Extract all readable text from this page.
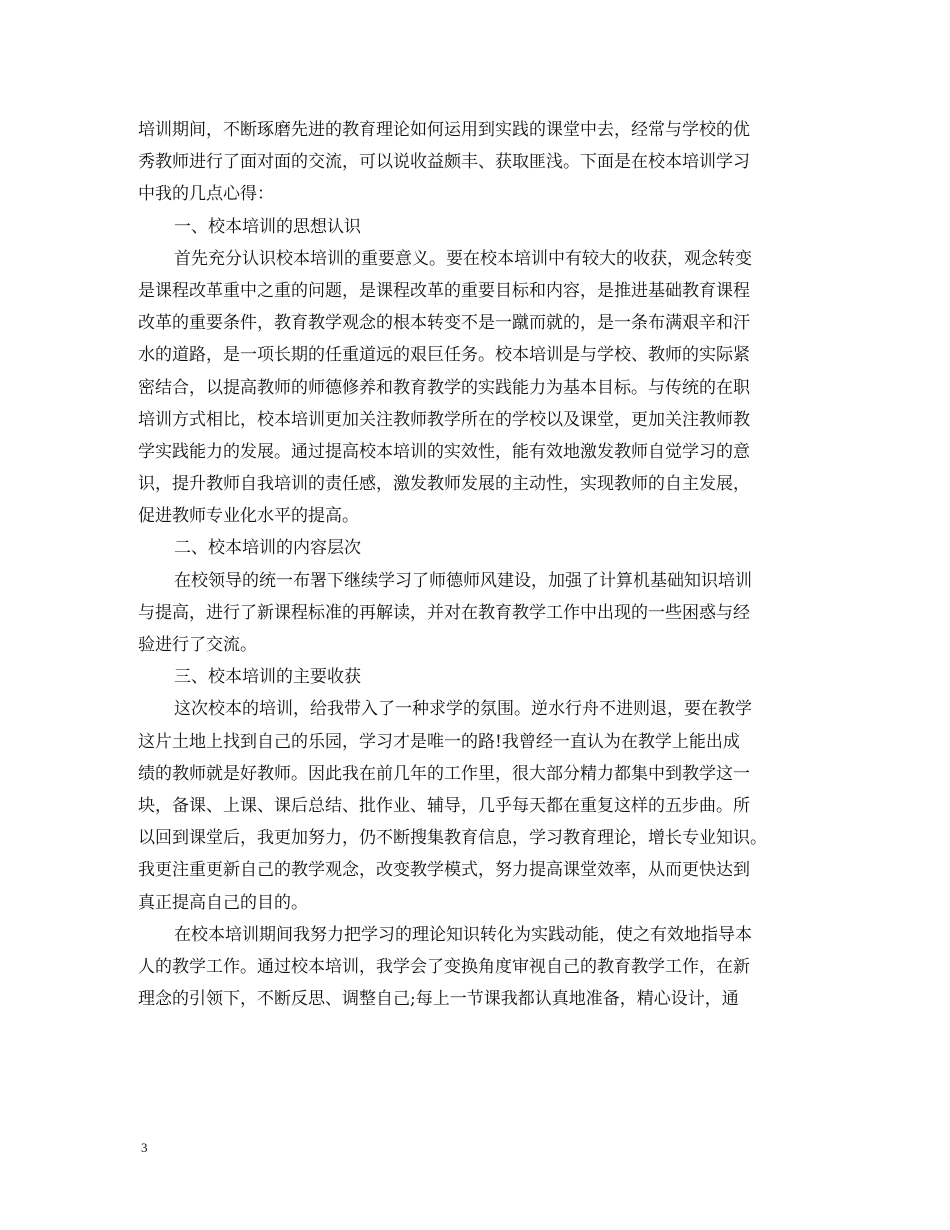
培训期间，不断琢磨先进的教育理论如何运用到实践的课堂中去，经常与学校的优
秀教师进行了面对面的交流，可以说收益颇丰、获取匪浅。下面是在校本培训学习
中我的几点心得：
一、校本培训的思想认识
首先充分认识校本培训的重要意义。要在校本培训中有较大的收获，观念转变
是课程改革重中之重的问题，是课程改革的重要目标和内容，是推进基础教育课程
改革的重要条件，教育教学观念的根本转变不是一蹴而就的，是一条布满艰辛和汗
水的道路，是一项长期的任重道远的艰巨任务。校本培训是与学校、教师的实际紧
密结合，以提高教师的师德修养和教育教学的实践能力为基本目标。与传统的在职
培训方式相比，校本培训更加关注教师教学所在的学校以及课堂，更加关注教师教
学实践能力的发展。通过提高校本培训的实效性，能有效地激发教师自觉学习的意
识，提升教师自我培训的责任感，激发教师发展的主动性，实现教师的自主发展，
促进教师专业化水平的提高。
二、校本培训的内容层次
在校领导的统一布署下继续学习了师德师风建设，加强了计算机基础知识培训
与提高，进行了新课程标准的再解读，并对在教育教学工作中出现的一些困惑与经
验进行了交流。
三、校本培训的主要收获
这次校本的培训，给我带入了一种求学的氛围。逆水行舟不进则退，要在教学
这片土地上找到自己的乐园，学习才是唯一的路!我曾经一直认为在教学上能出成
绩的教师就是好教师。因此我在前几年的工作里，很大部分精力都集中到教学这一
块，备课、上课、课后总结、批作业、辅导，几乎每天都在重复这样的五步曲。所
以回到课堂后，我更加努力，仍不断搜集教育信息，学习教育理论，增长专业知识。
我更注重更新自己的教学观念，改变教学模式，努力提高课堂效率，从而更快达到
真正提高自己的目的。
在校本培训期间我努力把学习的理论知识转化为实践动能，使之有效地指导本
人的教学工作。通过校本培训，我学会了变换角度审视自己的教育教学工作，在新
理念的引领下，不断反思、调整自己;每上一节课我都认真地准备，精心设计，通
3
